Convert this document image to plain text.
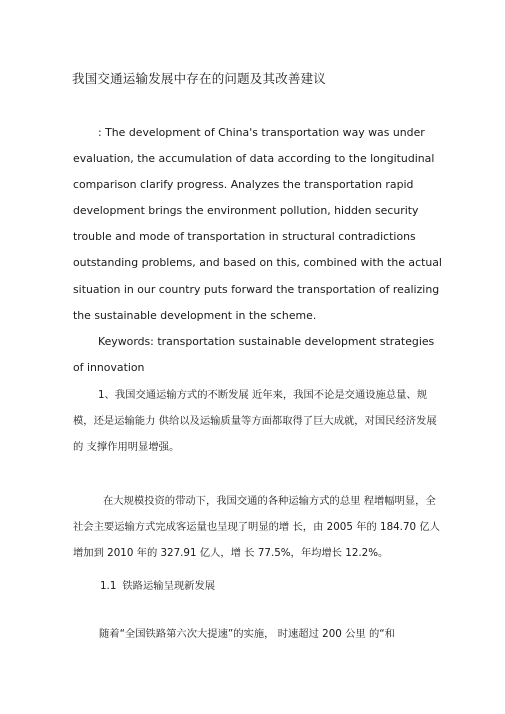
我国交通运输发展中存在的问题及其改善建议

: The development of China's transportation way was under evaluation, the accumulation of data according to the longitudinal comparison clarify progress. Analyzes the transportation rapid development brings the environment pollution, hidden security trouble and mode of transportation in structural contradictions outstanding problems, and based on this, combined with the actual situation in our country puts forward the transportation of realizing the sustainable development in the scheme.

Keywords: transportation sustainable development strategies of innovation

1、我国交通运输方式的不断发展 近年来，我国不论是交通设施总量、规模，还是运输能力 供给以及运输质量等方面都取得了巨大成就，对国民经济发展的 支撑作用明显增强。

在大规模投资的带动下，我国交通的各种运输方式的总里 程增幅明显，全社会主要运输方式完成客运量也呈现了明显的增 长，由 2005 年的 184.70 亿人增加到 2010 年的 327.91 亿人，增 长 77.5%，年均增长 12.2%。

1.1 铁路运输呈现新发展
随着“全国铁路第六次大提速”的实施， 时速超过 200 公里 的“和
